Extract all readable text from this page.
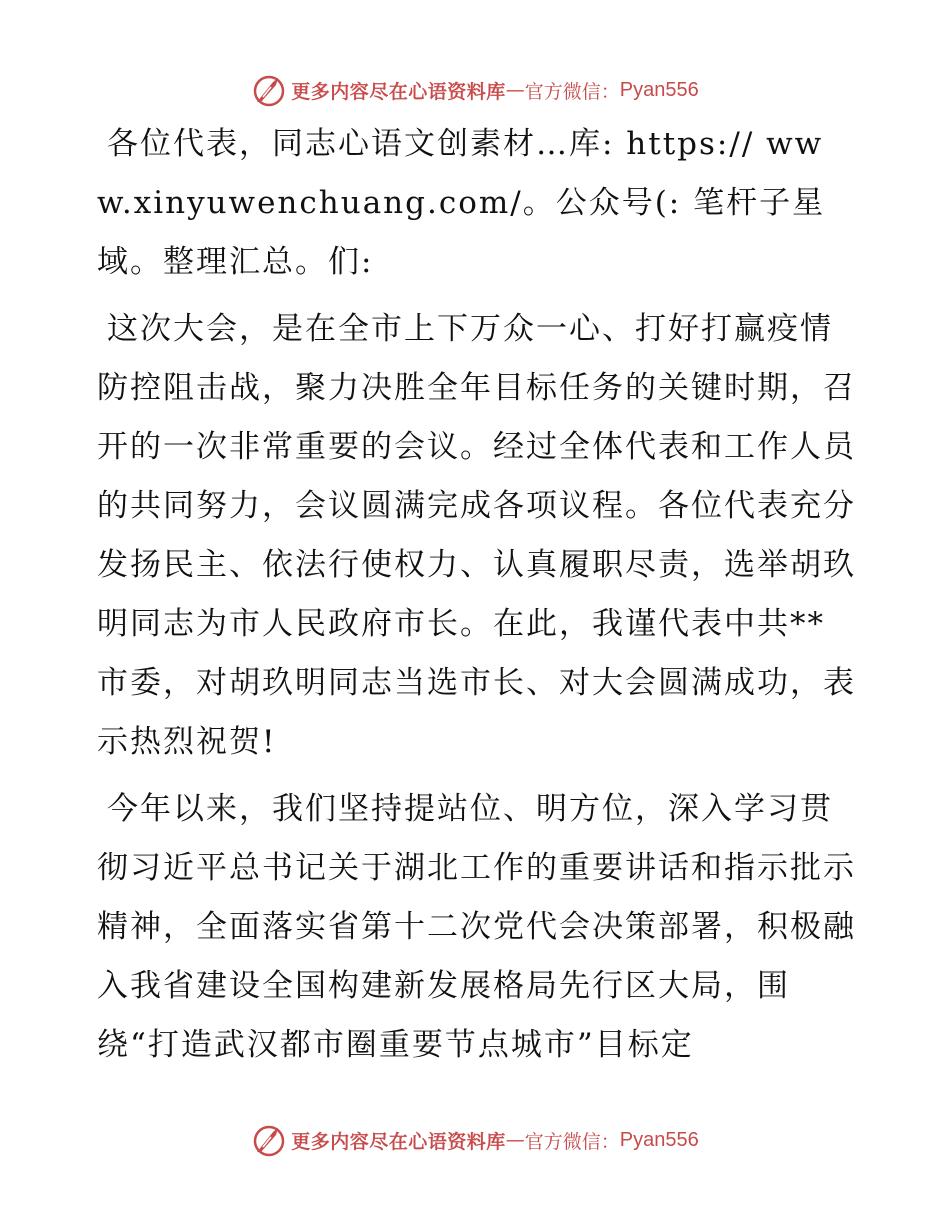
更多内容尽在心语资料库 — 官方微信： Pyan556

各位代表，同志心语文创素材…库: https:// www.xinyuwenchuang.com/。公众号(: 笔杆子星域。整理汇总。们:

这次大会，是在全市上下万众一心、打好打赢疫情防控阻击战，聚力决胜全年目标任务的关键时期，召开的一次非常重要的会议。经过全体代表和工作人员的共同努力，会议圆满完成各项议程。各位代表充分发扬民主、依法行使权力、认真履职尽责，选举胡玖明同志为市人民政府市长。在此，我谨代表中共**市委，对胡玖明同志当选市长、对大会圆满成功，表示热烈祝贺!

今年以来，我们坚持提站位、明方位，深入学习贯彻习近平总书记关于湖北工作的重要讲话和指示批示精神，全面落实省第十二次党代会决策部署，积极融入我省建设全国构建新发展格局先行区大局，围绕“打造武汉都市圈重要节点城市”目标定

更多内容尽在心语资料库 — 官方微信： Pyan556
